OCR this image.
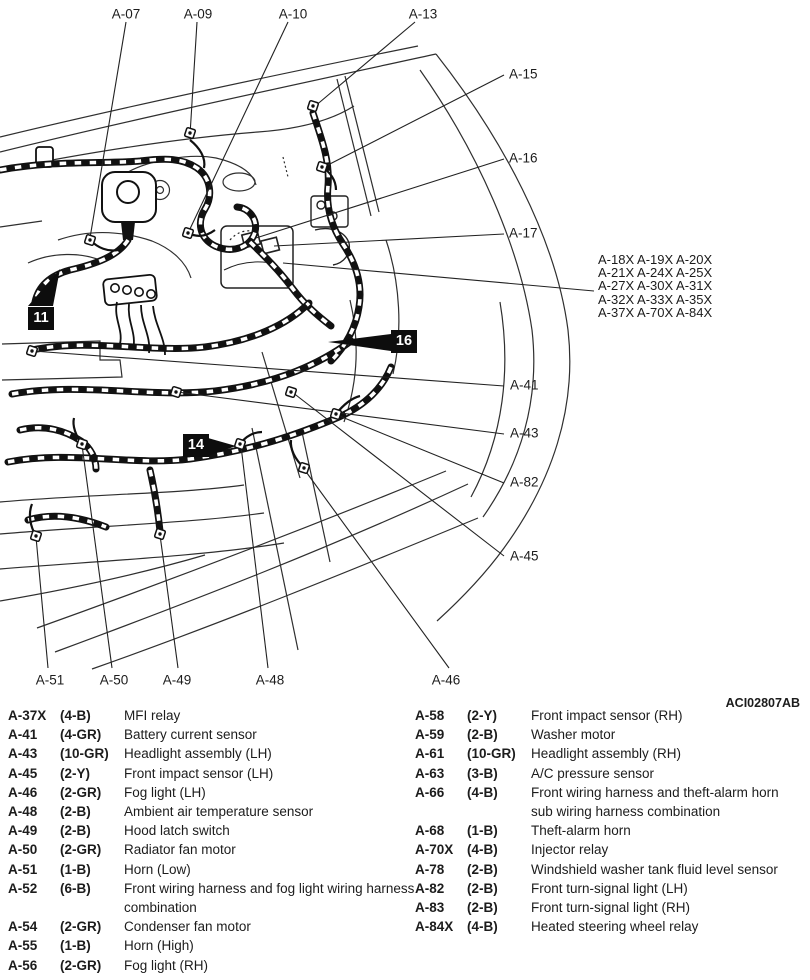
A-07	A-09	A-10	A-13
A-15
A-16
A-17
A-41
A-43
A-82
A-45
A-46
A-48
A-49
A-50
A-51
A-18X A-19X A-20X
A-21X A-24X A-25X
A-27X A-30X A-31X
A-32X A-33X A-35X
A-37X A-70X A-84X
11
14
16
ACI02807AB
A-37X	(4-B)	MFI relay
A-41	(4-GR)	Battery current sensor
A-43	(10-GR)	Headlight assembly (LH)
A-45	(2-Y)	Front impact sensor (LH)
A-46	(2-GR)	Fog light (LH)
A-48	(2-B)	Ambient air temperature sensor
A-49	(2-B)	Hood latch switch
A-50	(2-GR)	Radiator fan motor
A-51	(1-B)	Horn (Low)
A-52	(6-B)	Front wiring harness and fog light wiring harness combination
A-54	(2-GR)	Condenser fan motor
A-55	(1-B)	Horn (High)
A-56	(2-GR)	Fog light (RH)
A-58	(2-Y)	Front impact sensor (RH)
A-59	(2-B)	Washer motor
A-61	(10-GR)	Headlight assembly (RH)
A-63	(3-B)	A/C pressure sensor
A-66	(4-B)	Front wiring harness and theft-alarm horn sub wiring harness combination
A-68	(1-B)	Theft-alarm horn
A-70X	(4-B)	Injector relay
A-78	(2-B)	Windshield washer tank fluid level sensor
A-82	(2-B)	Front turn-signal light (LH)
A-83	(2-B)	Front turn-signal light (RH)
A-84X	(4-B)	Heated steering wheel relay
